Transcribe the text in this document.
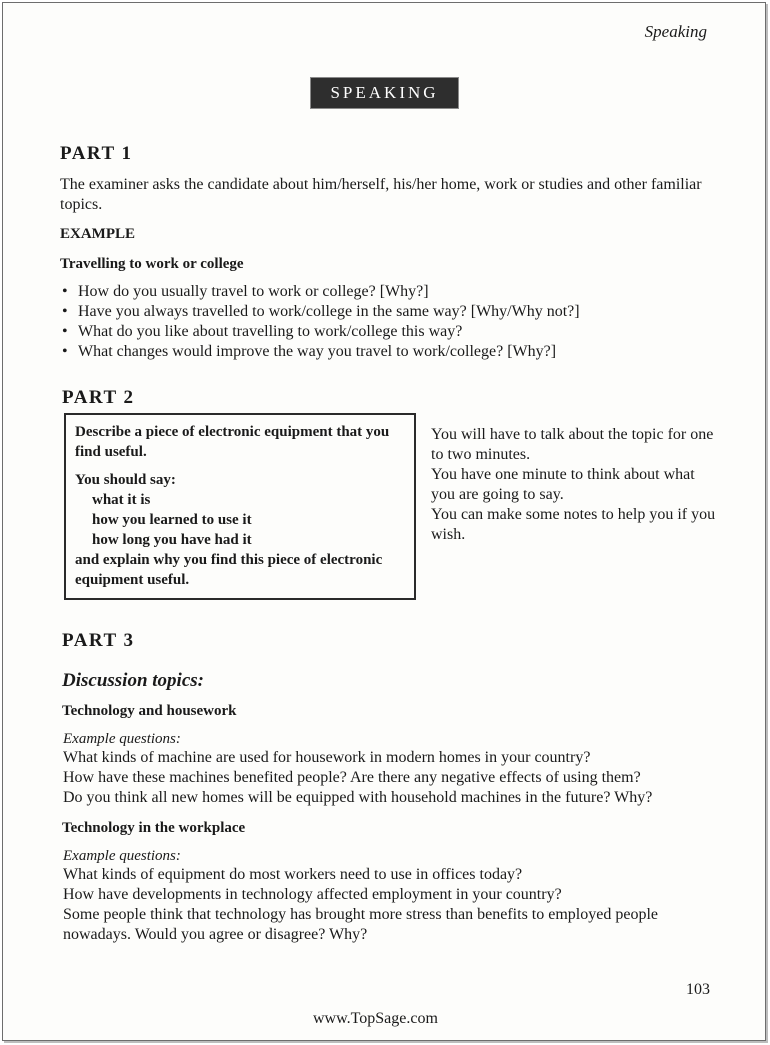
Speaking
SPEAKING
PART 1
The examiner asks the candidate about him/herself, his/her home, work or studies and other familiar topics.
EXAMPLE
Travelling to work or college
• How do you usually travel to work or college? [Why?]
• Have you always travelled to work/college in the same way? [Why/Why not?]
• What do you like about travelling to work/college this way?
• What changes would improve the way you travel to work/college? [Why?]
PART 2
Describe a piece of electronic equipment that you find useful.
You should say:
what it is
how you learned to use it
how long you have had it
and explain why you find this piece of electronic equipment useful.

You will have to talk about the topic for one to two minutes.

You have one minute to think about what you are going to say.

You can make some notes to help you if you wish.

PART 3
Discussion topics:
Technology and housework
Example questions:
What kinds of machine are used for housework in modern homes in your country?
How have these machines benefited people? Are there any negative effects of using them?
Do you think all new homes will be equipped with household machines in the future? Why?
Technology in the workplace
Example questions:
What kinds of equipment do most workers need to use in offices today?
How have developments in technology affected employment in your country?
Some people think that technology has brought more stress than benefits to employed people nowadays. Would you agree or disagree? Why?
103
www.TopSage.com
